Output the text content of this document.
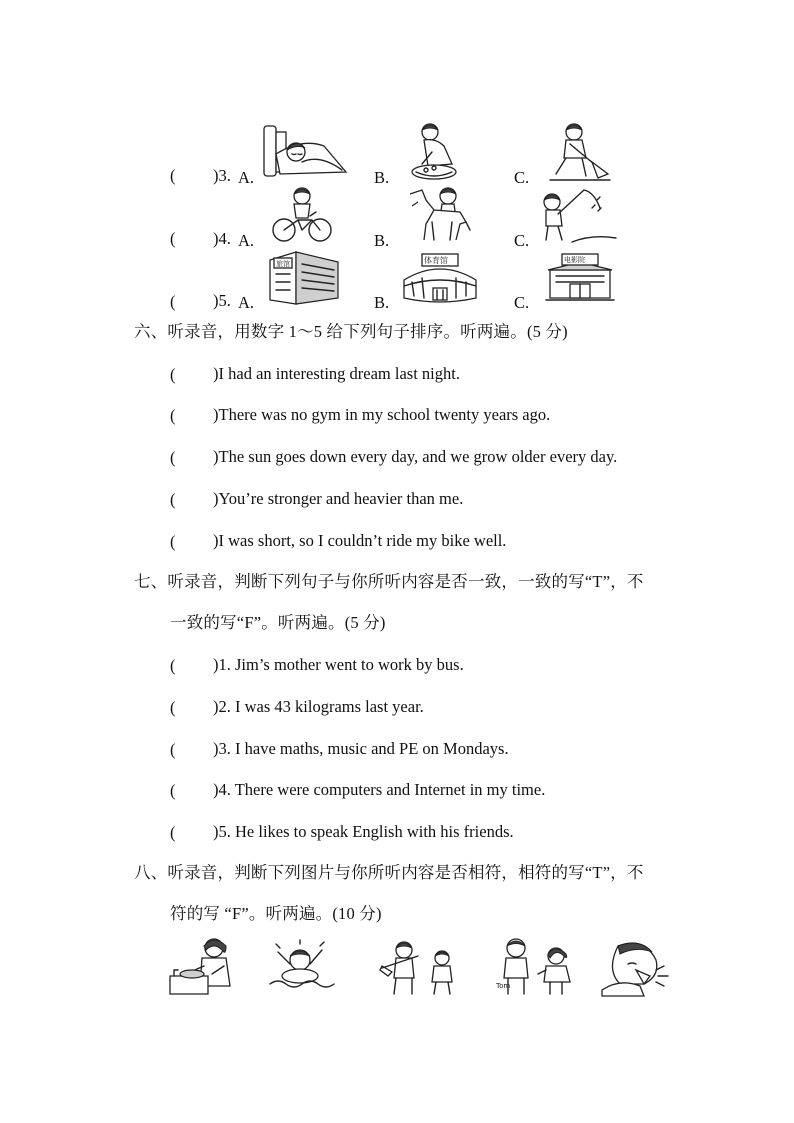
( )3. A.	B.	C.
( )4. A.	B.	C.
( )5. A.	B.	C.
旅馆	体育馆	电影院
六、听录音，用数字 1～5 给下列句子排序。听两遍。(5 分)
( )I had an interesting dream last night.
( )There was no gym in my school twenty years ago.
( )The sun goes down every day, and we grow older every day.
( )You’re stronger and heavier than me.
( )I was short, so I couldn’t ride my bike well.
七、听录音，判断下列句子与你所听内容是否一致，一致的写“T”，不
一致的写“F”。听两遍。(5 分)
( )1. Jim’s mother went to work by bus.
( )2. I was 43 kilograms last year.
( )3. I have maths, music and PE on Mondays.
( )4. There were computers and Internet in my time.
( )5. He likes to speak English with his friends.
八、听录音，判断下列图片与你所听内容是否相符，相符的写“T”，不
符的写 “F”。听两遍。(10 分)
Tom
